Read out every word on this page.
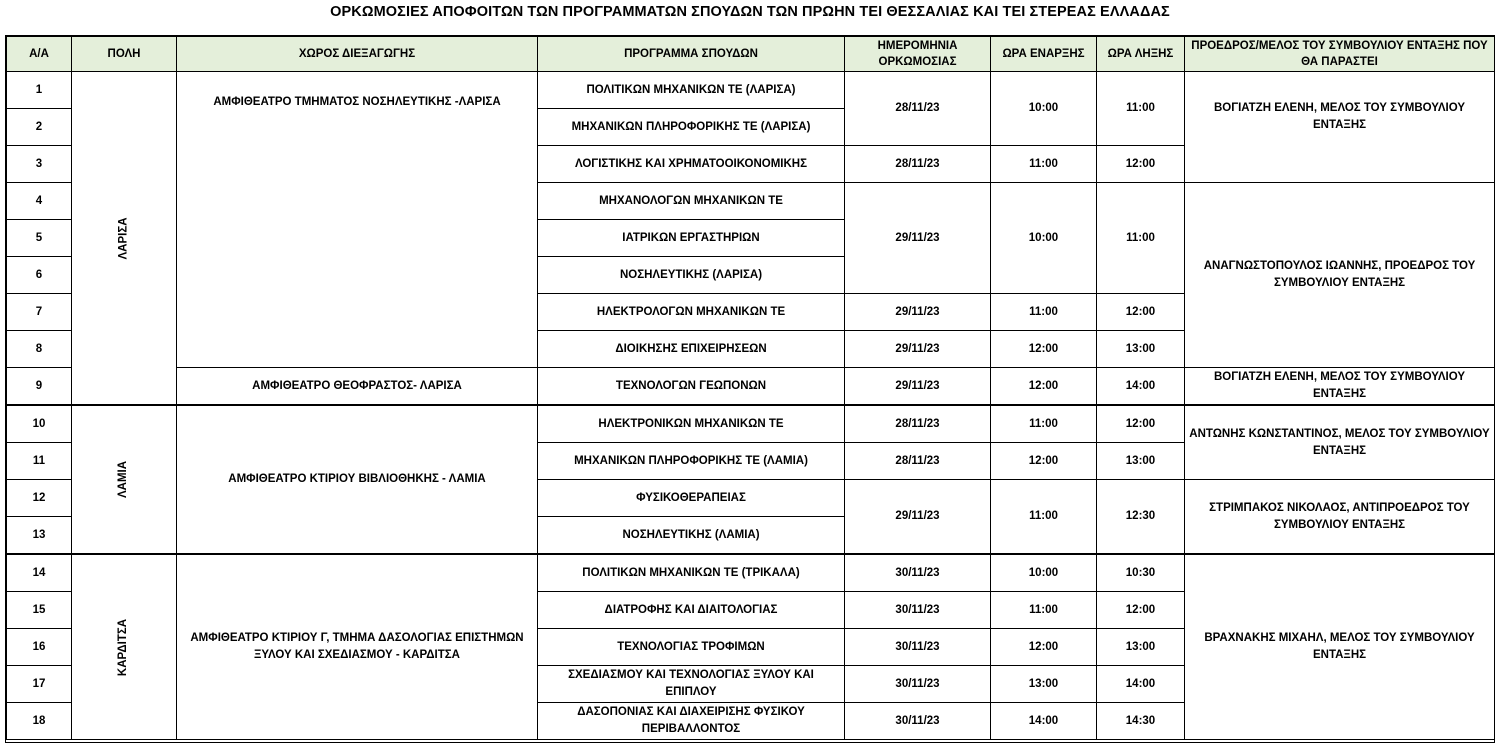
ΟΡΚΩΜΟΣΙΕΣ ΑΠΟΦΟΙΤΩΝ ΤΩΝ ΠΡΟΓΡΑΜΜΑΤΩΝ ΣΠΟΥΔΩΝ ΤΩΝ ΠΡΩΗΝ ΤΕΙ ΘΕΣΣΑΛΙΑΣ ΚΑΙ ΤΕΙ ΣΤΕΡΕΑΣ ΕΛΛΑΔΑΣ
Α/Α	ΠΟΛΗ	ΧΩΡΟΣ ΔΙΕΞΑΓΩΓΗΣ	ΠΡΟΓΡΑΜΜΑ ΣΠΟΥΔΩΝ	ΗΜΕΡΟΜΗΝΙΑ ΟΡΚΩΜΟΣΙΑΣ	ΩΡΑ ΕΝΑΡΞΗΣ	ΩΡΑ ΛΗΞΗΣ	ΠΡΟΕΔΡΟΣ/ΜΕΛΟΣ ΤΟΥ ΣΥΜΒΟΥΛΙΟΥ ΕΝΤΑΞΗΣ ΠΟΥ ΘΑ ΠΑΡΑΣΤΕΙ
1	ΛΑΡΙΣΑ	ΑΜΦΙΘΕΑΤΡΟ ΤΜΗΜΑΤΟΣ ΝΟΣΗΛΕΥΤΙΚΗΣ -ΛΑΡΙΣΑ	ΠΟΛΙΤΙΚΩΝ ΜΗΧΑΝΙΚΩΝ ΤΕ (ΛΑΡΙΣΑ)	28/11/23	10:00	11:00	ΒΟΓΙΑΤΖΗ ΕΛΕΝΗ, ΜΕΛΟΣ ΤΟΥ ΣΥΜΒΟΥΛΙΟΥ ΕΝΤΑΞΗΣ
2			ΜΗΧΑΝΙΚΩΝ ΠΛΗΡΟΦΟΡΙΚΗΣ ΤΕ (ΛΑΡΙΣΑ)				
3			ΛΟΓΙΣΤΙΚΗΣ ΚΑΙ ΧΡΗΜΑΤΟΟΙΚΟΝΟΜΙΚΗΣ	28/11/23	11:00	12:00	
4			ΜΗΧΑΝΟΛΟΓΩΝ ΜΗΧΑΝΙΚΩΝ ΤΕ	29/11/23	10:00	11:00	ΑΝΑΓΝΩΣΤΟΠΟΥΛΟΣ ΙΩΑΝΝΗΣ, ΠΡΟΕΔΡΟΣ ΤΟΥ ΣΥΜΒΟΥΛΙΟΥ ΕΝΤΑΞΗΣ
5			ΙΑΤΡΙΚΩΝ ΕΡΓΑΣΤΗΡΙΩΝ				
6			ΝΟΣΗΛΕΥΤΙΚΗΣ (ΛΑΡΙΣΑ)				
7			ΗΛΕΚΤΡΟΛΟΓΩΝ ΜΗΧΑΝΙΚΩΝ ΤΕ	29/11/23	11:00	12:00	
8			ΔΙΟΙΚΗΣΗΣ ΕΠΙΧΕΙΡΗΣΕΩΝ	29/11/23	12:00	13:00	
9		ΑΜΦΙΘΕΑΤΡΟ ΘΕΟΦΡΑΣΤΟΣ- ΛΑΡΙΣΑ	ΤΕΧΝΟΛΟΓΩΝ ΓΕΩΠΟΝΩΝ	29/11/23	12:00	14:00	ΒΟΓΙΑΤΖΗ ΕΛΕΝΗ, ΜΕΛΟΣ ΤΟΥ ΣΥΜΒΟΥΛΙΟΥ ΕΝΤΑΞΗΣ
10	ΛΑΜΙΑ	ΑΜΦΙΘΕΑΤΡΟ ΚΤΙΡΙΟΥ ΒΙΒΛΙΟΘΗΚΗΣ - ΛΑΜΙΑ	ΗΛΕΚΤΡΟΝΙΚΩΝ ΜΗΧΑΝΙΚΩΝ ΤΕ	28/11/23	11:00	12:00	ΑΝΤΩΝΗΣ ΚΩΝΣΤΑΝΤΙΝΟΣ, ΜΕΛΟΣ ΤΟΥ ΣΥΜΒΟΥΛΙΟΥ ΕΝΤΑΞΗΣ
11			ΜΗΧΑΝΙΚΩΝ ΠΛΗΡΟΦΟΡΙΚΗΣ ΤΕ (ΛΑΜΙΑ)	28/11/23	12:00	13:00	
12			ΦΥΣΙΚΟΘΕΡΑΠΕΙΑΣ	29/11/23	11:00	12:30	ΣΤΡΙΜΠΑΚΟΣ ΝΙΚΟΛΑΟΣ, ΑΝΤΙΠΡΟΕΔΡΟΣ ΤΟΥ ΣΥΜΒΟΥΛΙΟΥ ΕΝΤΑΞΗΣ
13			ΝΟΣΗΛΕΥΤΙΚΗΣ (ΛΑΜΙΑ)				
14	ΚΑΡΔΙΤΣΑ	ΑΜΦΙΘΕΑΤΡΟ ΚΤΙΡΙΟΥ Γ, ΤΜΗΜΑ ΔΑΣΟΛΟΓΙΑΣ ΕΠΙΣΤΗΜΩΝ ΞΥΛΟΥ ΚΑΙ ΣΧΕΔΙΑΣΜΟΥ - ΚΑΡΔΙΤΣΑ	ΠΟΛΙΤΙΚΩΝ ΜΗΧΑΝΙΚΩΝ ΤΕ (ΤΡΙΚΑΛΑ)	30/11/23	10:00	10:30	ΒΡΑΧΝΑΚΗΣ ΜΙΧΑΗΛ, ΜΕΛΟΣ ΤΟΥ ΣΥΜΒΟΥΛΙΟΥ ΕΝΤΑΞΗΣ
15			ΔΙΑΤΡΟΦΗΣ ΚΑΙ ΔΙΑΙΤΟΛΟΓΙΑΣ	30/11/23	11:00	12:00	
16			ΤΕΧΝΟΛΟΓΙΑΣ ΤΡΟΦΙΜΩΝ	30/11/23	12:00	13:00	
17			ΣΧΕΔΙΑΣΜΟΥ ΚΑΙ ΤΕΧΝΟΛΟΓΙΑΣ ΞΥΛΟΥ ΚΑΙ ΕΠΙΠΛΟΥ	30/11/23	13:00	14:00	
18			ΔΑΣΟΠΟΝΙΑΣ ΚΑΙ ΔΙΑΧΕΙΡΙΣΗΣ ΦΥΣΙΚΟΥ ΠΕΡΙΒΑΛΛΟΝΤΟΣ	30/11/23	14:00	14:30	
